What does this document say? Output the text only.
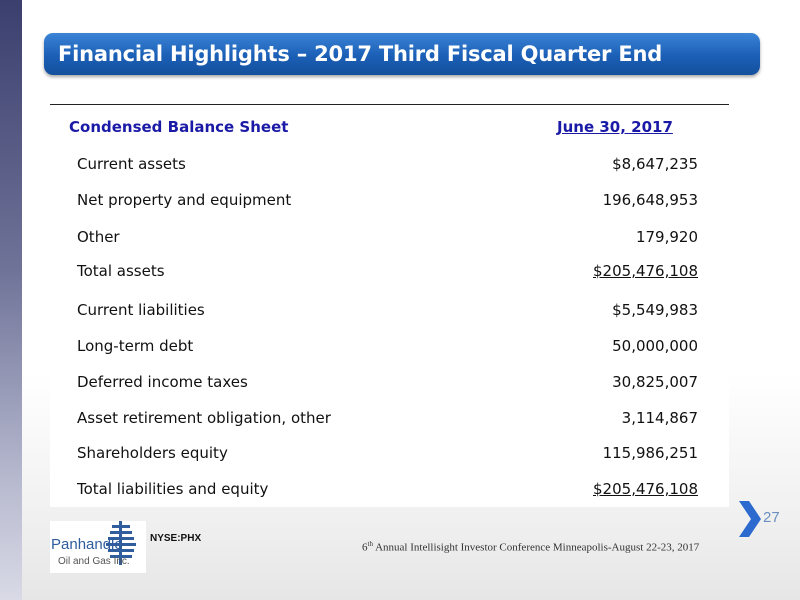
Financial Highlights – 2017 Third Fiscal Quarter End
Condensed Balance Sheet	June 30, 2017
Current assets	$8,647,235
Net property and equipment	196,648,953
Other	179,920
Total assets	$205,476,108
Current liabilities	$5,549,983
Long-term debt	50,000,000
Deferred income taxes	30,825,007
Asset retirement obligation, other	3,114,867
Shareholders equity	115,986,251
Total liabilities and equity	$205,476,108
Panhandle
Oil and Gas Inc.
NYSE:PHX
6th Annual Intellisight Investor Conference Minneapolis-August 22-23, 2017
27
